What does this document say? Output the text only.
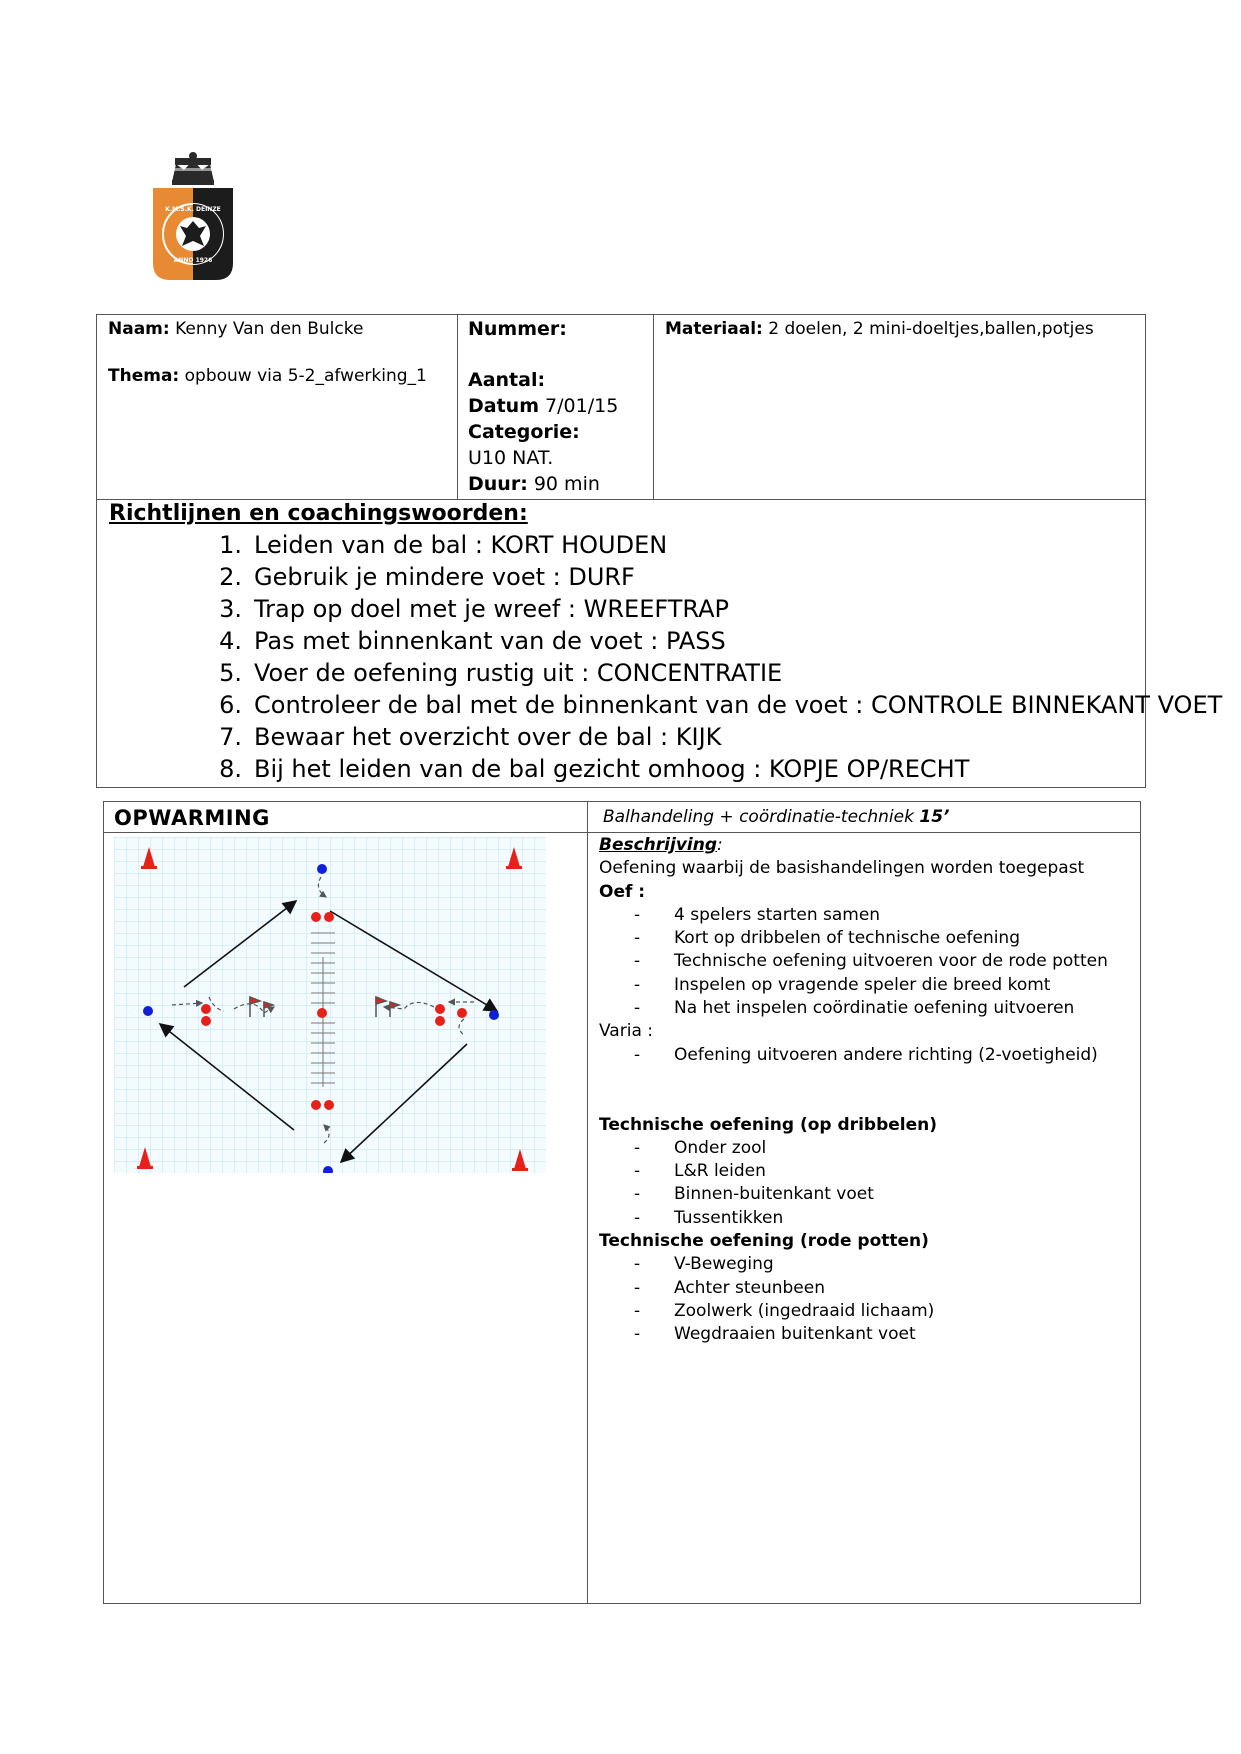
K.M.S.K. DEINZE
ANNO 1926
Naam: Kenny Van den Bulcke
Thema: opbouw via 5-2_afwerking_1
Nummer:
Aantal:
Datum 7/01/15
Categorie:
U10 NAT.
Duur: 90 min
Materiaal: 2 doelen, 2 mini-doeltjes,ballen,potjes
Richtlijnen en coachingswoorden:
1. Leiden van de bal : KORT HOUDEN
2. Gebruik je mindere voet : DURF
3. Trap op doel met je wreef : WREEFTRAP
4. Pas met binnenkant van de voet : PASS
5. Voer de oefening rustig uit : CONCENTRATIE
6. Controleer de bal met de binnenkant van de voet : CONTROLE BINNEKANT VOET
7. Bewaar het overzicht over de bal : KIJK
8. Bij het leiden van de bal gezicht omhoog : KOPJE OP/RECHT
OPWARMING	Balhandeling + coördinatie-techniek 15’
Beschrijving:
Oefening waarbij de basishandelingen worden toegepast
Oef :
- 4 spelers starten samen
- Kort op dribbelen of technische oefening
- Technische oefening uitvoeren voor de rode potten
- Inspelen op vragende speler die breed komt
- Na het inspelen coördinatie oefening uitvoeren
Varia :
- Oefening uitvoeren andere richting (2-voetigheid)
Technische oefening (op dribbelen)
- Onder zool
- L&R leiden
- Binnen-buitenkant voet
- Tussentikken
Technische oefening (rode potten)
- V-Beweging
- Achter steunbeen
- Zoolwerk (ingedraaid lichaam)
- Wegdraaien buitenkant voet
